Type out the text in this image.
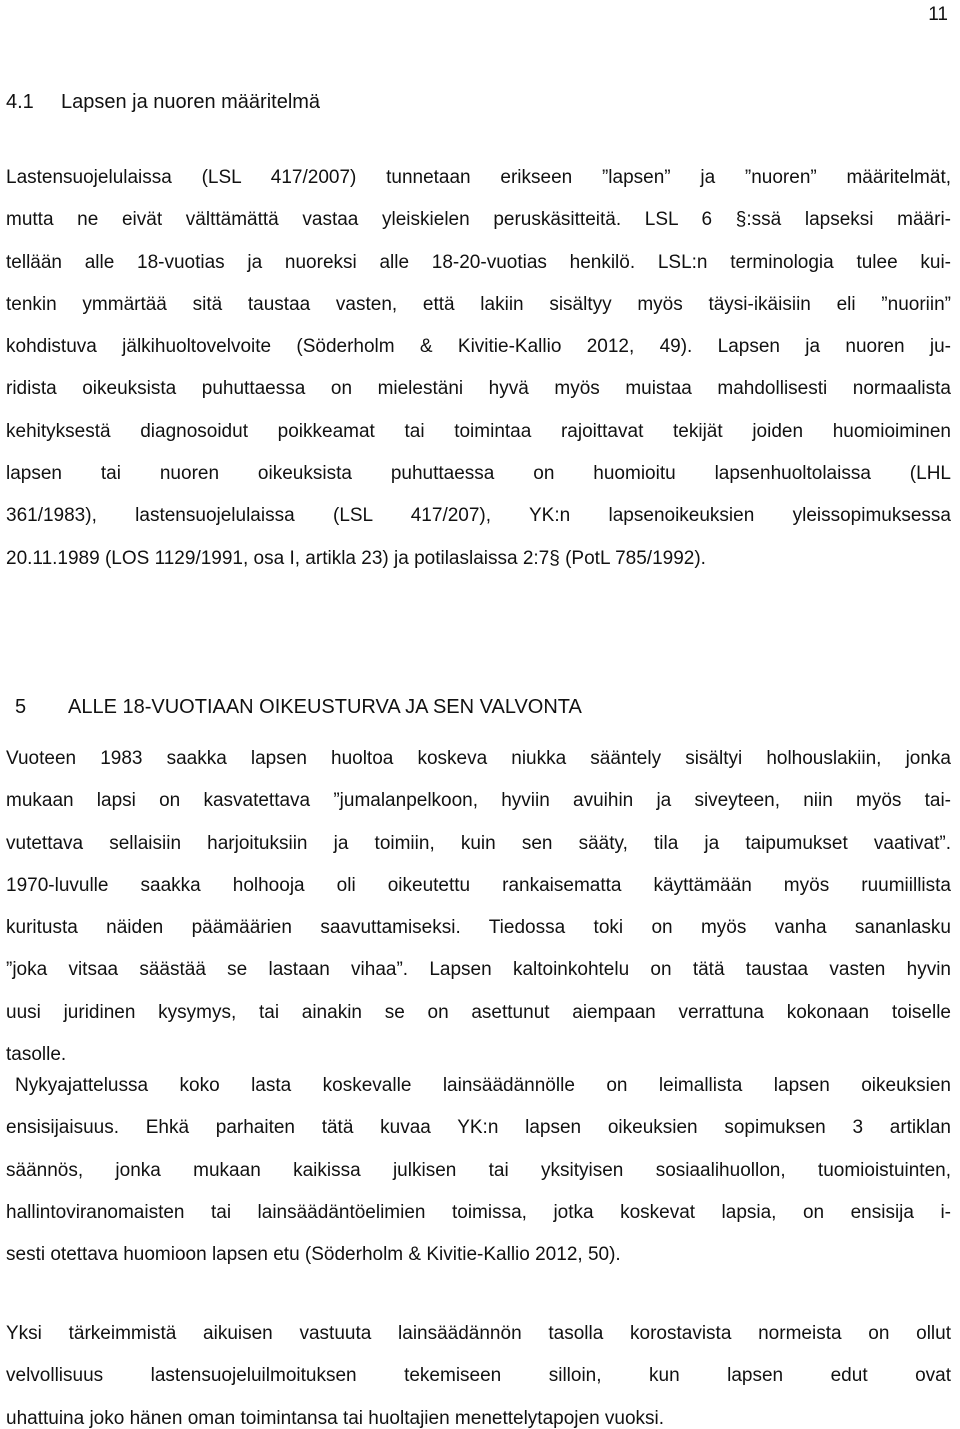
11
4.1 Lapsen ja nuoren määritelmä
Lastensuojelulaissa (LSL 417/2007) tunnetaan erikseen ”lapsen” ja ”nuoren” määritelmät,
mutta ne eivät välttämättä vastaa yleiskielen peruskäsitteitä. LSL 6 §:ssä lapseksi määri-
tellään alle 18-vuotias ja nuoreksi alle 18-20-vuotias henkilö. LSL:n terminologia tulee kui-
tenkin ymmärtää sitä taustaa vasten, että lakiin sisältyy myös täysi-ikäisiin eli ”nuoriin”
kohdistuva jälkihuoltovelvoite (Söderholm & Kivitie-Kallio 2012, 49). Lapsen ja nuoren ju-
ridista oikeuksista puhuttaessa on mielestäni hyvä myös muistaa mahdollisesti normaalista
kehityksestä diagnosoidut poikkeamat tai toimintaa rajoittavat tekijät joiden huomioiminen
lapsen tai nuoren oikeuksista puhuttaessa on huomioitu lapsenhuoltolaissa (LHL
361/1983), lastensuojelulaissa (LSL 417/207), YK:n lapsenoikeuksien yleissopimuksessa
20.11.1989 (LOS 1129/1991, osa I, artikla 23) ja potilaslaissa 2:7§ (PotL 785/1992).
5 ALLE 18-VUOTIAAN OIKEUSTURVA JA SEN VALVONTA
Vuoteen 1983 saakka lapsen huoltoa koskeva niukka sääntely sisältyi holhouslakiin, jonka
mukaan lapsi on kasvatettava ”jumalanpelkoon, hyviin avuihin ja siveyteen, niin myös tai-
vutettava sellaisiin harjoituksiin ja toimiin, kuin sen sääty, tila ja taipumukset vaativat”.
1970-luvulle saakka holhooja oli oikeutettu rankaisematta käyttämään myös ruumiillista
kuritusta näiden päämäärien saavuttamiseksi. Tiedossa toki on myös vanha sananlasku
”joka vitsaa säästää se lastaan vihaa”. Lapsen kaltoinkohtelu on tätä taustaa vasten hyvin
uusi juridinen kysymys, tai ainakin se on asettunut aiempaan verrattuna kokonaan toiselle
tasolle.
Nykyajattelussa koko lasta koskevalle lainsäädännölle on leimallista lapsen oikeuksien
ensisijaisuus. Ehkä parhaiten tätä kuvaa YK:n lapsen oikeuksien sopimuksen 3 artiklan
säännös, jonka mukaan kaikissa julkisen tai yksityisen sosiaalihuollon, tuomioistuinten,
hallintoviranomaisten tai lainsäädäntöelimien toimissa, jotka koskevat lapsia, on ensisija i-
sesti otettava huomioon lapsen etu (Söderholm & Kivitie-Kallio 2012, 50).
Yksi tärkeimmistä aikuisen vastuuta lainsäädännön tasolla korostavista normeista on ollut
velvollisuus lastensuojeluilmoituksen tekemiseen silloin, kun lapsen edut ovat
uhattuina joko hänen oman toimintansa tai huoltajien menettelytapojen vuoksi.
